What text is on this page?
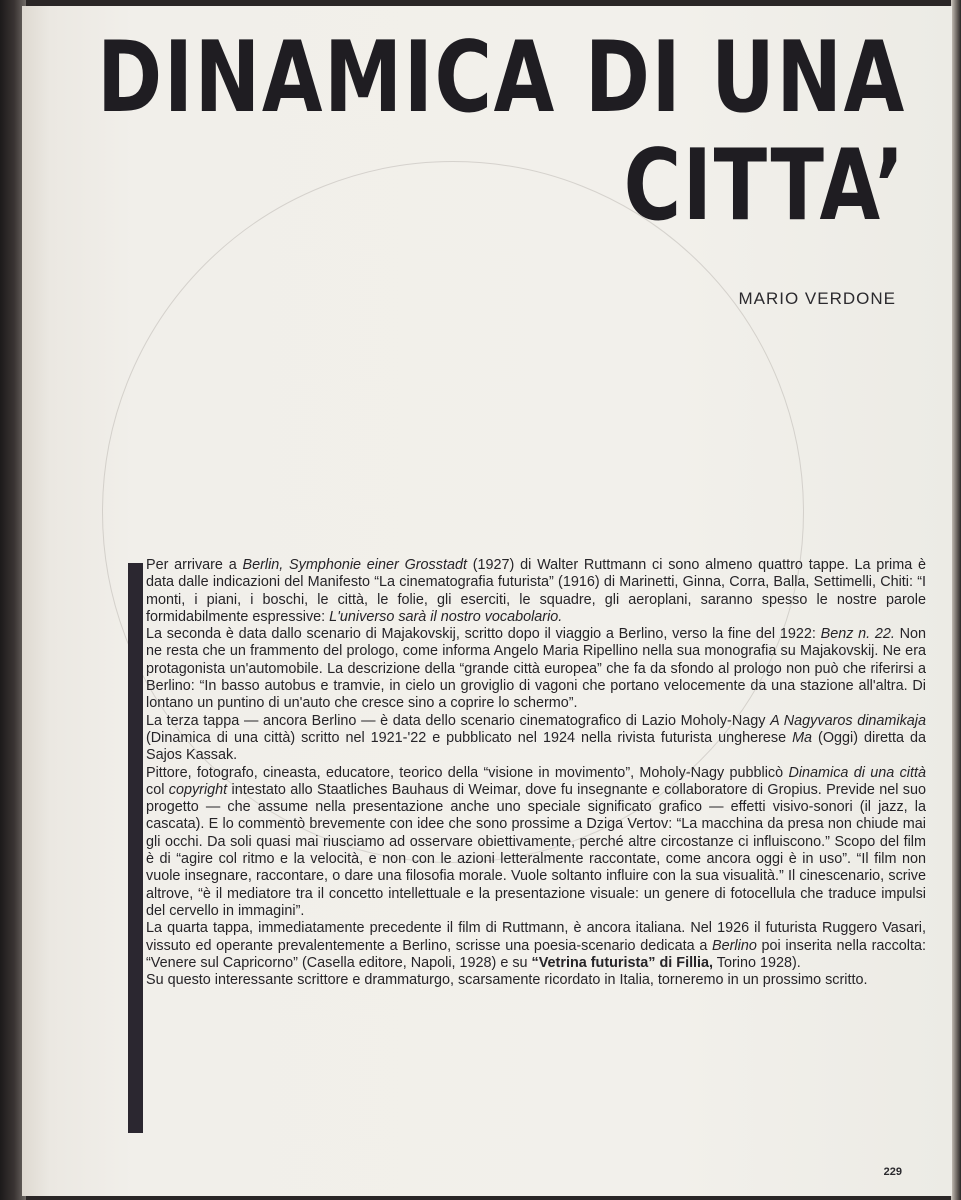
DINAMICA DI UNA
CITTA’
MARIO VERDONE

Per arrivare a Berlin, Symphonie einer Grosstadt (1927) di Walter Ruttmann ci sono almeno quattro tappe. La prima è data dalle indicazioni del Manifesto “La cinematografia futurista” (1916) di Marinetti, Ginna, Corra, Balla, Settimelli, Chiti: “I monti, i piani, i boschi, le città, le folie, gli eserciti, le squadre, gli aeroplani, saranno spesso le nostre parole formidabilmente espressive: L'universo sarà il nostro vocabolario.

La seconda è data dallo scenario di Majakovskij, scritto dopo il viaggio a Berlino, verso la fine del 1922: Benz n. 22. Non ne resta che un frammento del prologo, come informa Angelo Maria Ripellino nella sua monografia su Majakovskij. Ne era protagonista un'automobile. La descrizione della “grande città europea” che fa da sfondo al prologo non può che riferirsi a Berlino: “In basso autobus e tramvie, in cielo un groviglio di vagoni che portano velocemente da una stazione all'altra. Di lontano un puntino di un'auto che cresce sino a coprire lo schermo”.

La terza tappa — ancora Berlino — è data dello scenario cinematografico di Lazio Moholy-Nagy A Nagyvaros dinamikaja (Dinamica di una città) scritto nel 1921-'22 e pubblicato nel 1924 nella rivista futurista ungherese Ma (Oggi) diretta da Sajos Kassak.

Pittore, fotografo, cineasta, educatore, teorico della “visione in movimento”, Moholy-Nagy pubblicò Dinamica di una città col copyright intestato allo Staatliches Bauhaus di Weimar, dove fu insegnante e collaboratore di Gropius. Previde nel suo progetto — che assume nella presentazione anche uno speciale significato grafico — effetti visivo-sonori (il jazz, la cascata). E lo commentò brevemente con idee che sono prossime a Dziga Vertov: “La macchina da presa non chiude mai gli occhi. Da soli quasi mai riusciamo ad osservare obiettivamente, perché altre circostanze ci influiscono.” Scopo del film è di “agire col ritmo e la velocità, e non con le azioni letteralmente raccontate, come ancora oggi è in uso”. “Il film non vuole insegnare, raccontare, o dare una filosofia morale. Vuole soltanto influire con la sua visualità.” Il cinescenario, scrive altrove, “è il mediatore tra il concetto intellettuale e la presentazione visuale: un genere di fotocellula che traduce impulsi del cervello in immagini”.

La quarta tappa, immediatamente precedente il film di Ruttmann, è ancora italiana. Nel 1926 il futurista Ruggero Vasari, vissuto ed operante prevalentemente a Berlino, scrisse una poesia-scenario dedicata a Berlino poi inserita nella raccolta: “Venere sul Capricorno” (Casella editore, Napoli, 1928) e su “Vetrina futurista” di Fillia, Torino 1928).

Su questo interessante scrittore e drammaturgo, scarsamente ricordato in Italia, torneremo in un prossimo scritto.

229
